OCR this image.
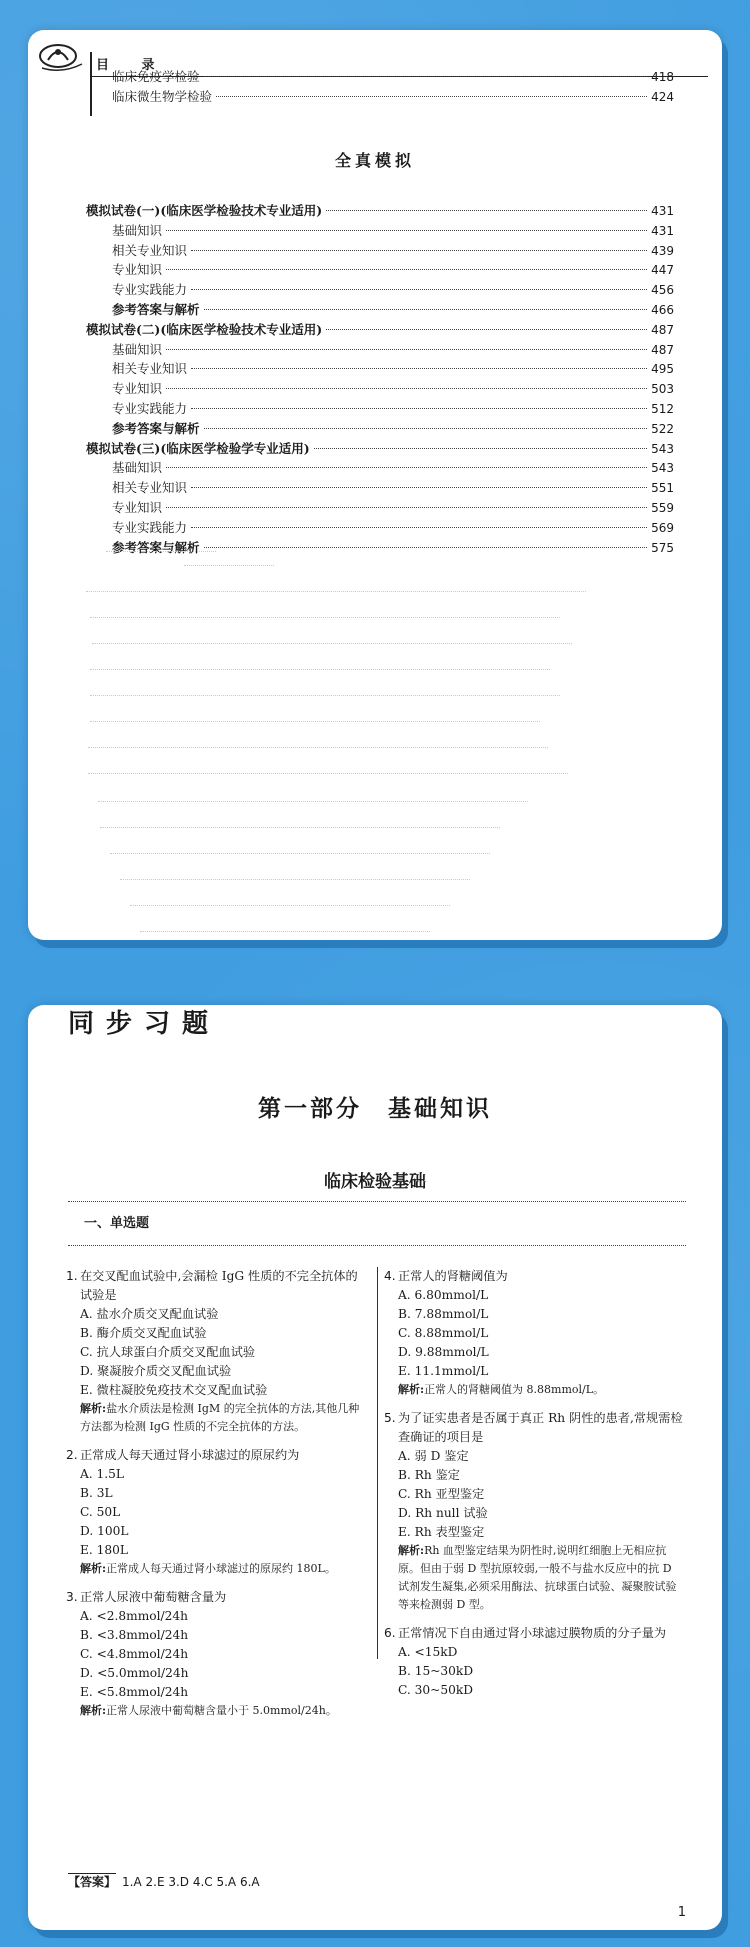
目 录
临床免疫学检验	418
临床微生物学检验	424
全真模拟
模拟试卷(一)(临床医学检验技术专业适用)	431
基础知识	431
相关专业知识	439
专业知识	447
专业实践能力	456
参考答案与解析	466
模拟试卷(二)(临床医学检验技术专业适用)	487
基础知识	487
相关专业知识	495
专业知识	503
专业实践能力	512
参考答案与解析	522
模拟试卷(三)(临床医学检验学专业适用)	543
基础知识	543
相关专业知识	551
专业知识	559
专业实践能力	569
参考答案与解析	575
同步习题
第一部分　基础知识
临床检验基础
一、单选题
1. 在交叉配血试验中,会漏检 IgG 性质的不完全抗体的试验是
A. 盐水介质交叉配血试验
B. 酶介质交叉配血试验
C. 抗人球蛋白介质交叉配血试验
D. 聚凝胺介质交叉配血试验
E. 微柱凝胶免疫技术交叉配血试验
解析:盐水介质法是检测 IgM 的完全抗体的方法,其他几种方法都为检测 IgG 性质的不完全抗体的方法。
2. 正常成人每天通过肾小球滤过的原尿约为
A. 1.5L
B. 3L
C. 50L
D. 100L
E. 180L
解析:正常成人每天通过肾小球滤过的原尿约 180L。
3. 正常人尿液中葡萄糖含量为
A. <2.8mmol/24h
B. <3.8mmol/24h
C. <4.8mmol/24h
D. <5.0mmol/24h
E. <5.8mmol/24h
解析:正常人尿液中葡萄糖含量小于 5.0mmol/24h。
4. 正常人的肾糖阈值为
A. 6.80mmol/L
B. 7.88mmol/L
C. 8.88mmol/L
D. 9.88mmol/L
E. 11.1mmol/L
解析:正常人的肾糖阈值为 8.88mmol/L。
5. 为了证实患者是否属于真正 Rh 阴性的患者,常规需检查确证的项目是
A. 弱 D 鉴定
B. Rh 鉴定
C. Rh 亚型鉴定
D. Rh null 试验
E. Rh 表型鉴定
解析:Rh 血型鉴定结果为阴性时,说明红细胞上无相应抗原。但由于弱 D 型抗原较弱,一般不与盐水反应中的抗 D 试剂发生凝集,必须采用酶法、抗球蛋白试验、凝聚胺试验等来检测弱 D 型。
6. 正常情况下自由通过肾小球滤过膜物质的分子量为
A. <15kD
B. 15~30kD
C. 30~50kD
【答案】 1.A 2.E 3.D 4.C 5.A 6.A
1
